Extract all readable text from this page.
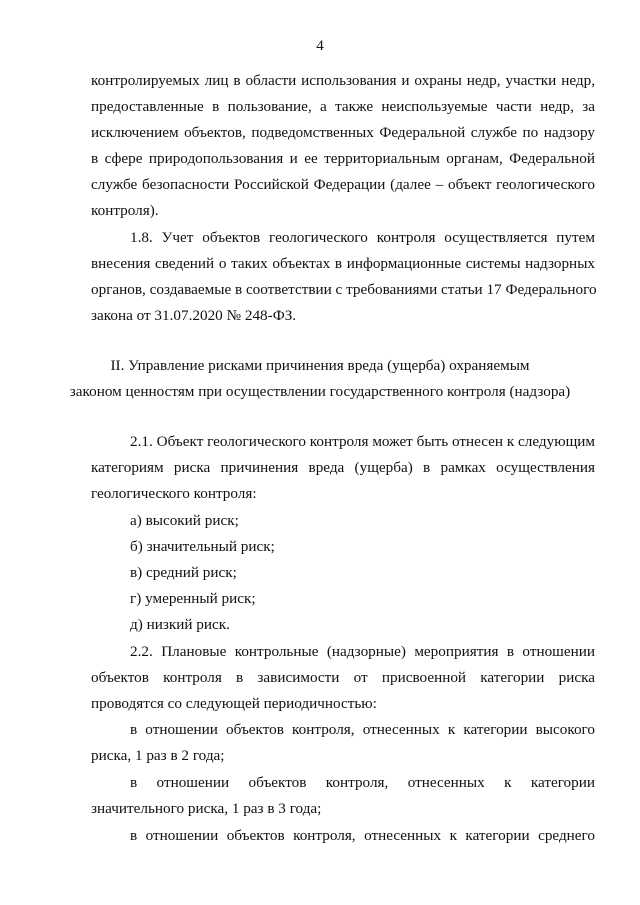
4
контролируемых лиц в области использования и охраны недр, участки недр,
предоставленные в пользование, а также неиспользуемые части недр, за
исключением объектов, подведомственных Федеральной службе по надзору
в сфере природопользования и ее территориальным органам, Федеральной
службе безопасности Российской Федерации (далее – объект геологического
контроля).
1.8. Учет объектов геологического контроля осуществляется путем
внесения сведений о таких объектах в информационные системы надзорных
органов, создаваемые в соответствии с требованиями статьи 17 Федерального
закона от 31.07.2020 № 248-ФЗ.
II. Управление рисками причинения вреда (ущерба) охраняемым
законом ценностям при осуществлении государственного контроля (надзора)
2.1. Объект геологического контроля может быть отнесен к следующим
категориям риска причинения вреда (ущерба) в рамках осуществления
геологического контроля:
а) высокий риск;
б) значительный риск;
в) средний риск;
г) умеренный риск;
д) низкий риск.
2.2. Плановые контрольные (надзорные) мероприятия в отношении
объектов контроля в зависимости от присвоенной категории риска
проводятся со следующей периодичностью:
в отношении объектов контроля, отнесенных к категории высокого
риска, 1 раз в 2 года;
в отношении объектов контроля, отнесенных к категории
значительного риска, 1 раз в 3 года;
в отношении объектов контроля, отнесенных к категории среднего
